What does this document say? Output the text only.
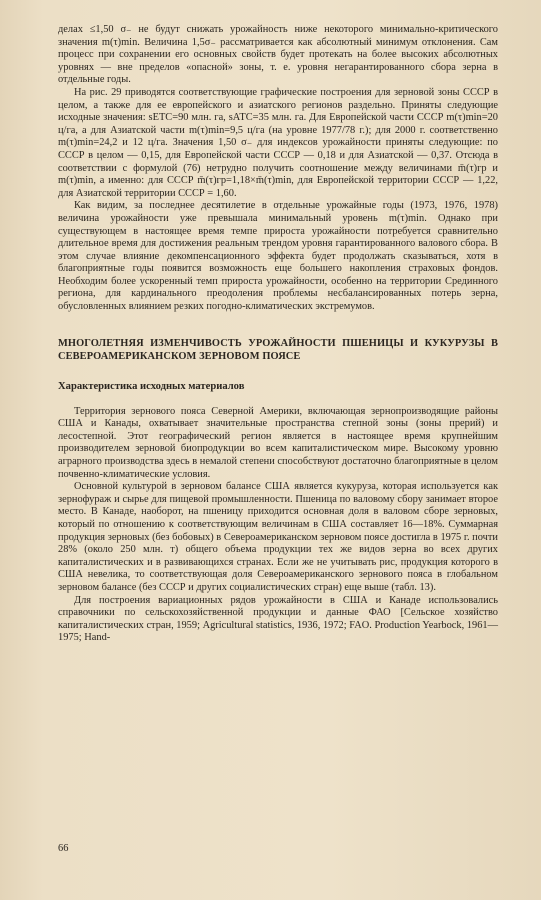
делах ≤1,50 σ₋ не будут снижать урожайность ниже некоторого минимально-критического значения m(τ)min. Величина 1,5σ₋ рассматривается как абсолютный минимум отклонения. Сам процесс при сохранении его основных свойств будет протекать на более высоких абсолютных уровнях — вне пределов «опасной» зоны, т. е. уровня негарантированного сбора зерна в отдельные годы.

На рис. 29 приводятся соответствующие графические построения для зерновой зоны СССР в целом, а также для ее европейского и азиатского регионов раздельно. Приняты следующие исходные значения: sЕТС=90 млн. га, sАТС=35 млн. га. Для Европейской части СССР m(τ)min=20 ц/га, а для Азиатской части m(τ)min=9,5 ц/га (на уровне 1977/78 г.); для 2000 г. соответственно m(τ)min=24,2 и 12 ц/га. Значения 1,50 σ₋ для индексов урожайности приняты следующие: по СССР в целом — 0,15, для Европейской части СССР — 0,18 и для Азиатской — 0,37. Отсюда в соответствии с формулой (76) нетрудно получить соотношение между величинами m̄(τ)гр и m(τ)min, а именно: для СССР m̄(τ)гр=1,18×m̄(τ)min, для Европейской территории СССР — 1,22, для Азиатской территории СССР = 1,60.

Как видим, за последнее десятилетие в отдельные урожайные годы (1973, 1976, 1978) величина урожайности уже превышала минимальный уровень m(τ)min. Однако при существующем в настоящее время темпе прироста урожайности потребуется сравнительно длительное время для достижения реальным трендом уровня гарантированного валового сбора. В этом случае влияние декомпенсационного эффекта будет продолжать сказываться, хотя в благоприятные годы появится возможность еще большего накопления страховых фондов. Необходим более ускоренный темп прироста урожайности, особенно на территории Срединного региона, для кардинального преодоления проблемы несбалансированных потерь зерна, обусловленных влиянием резких погодно-климатических экстремумов.

МНОГОЛЕТНЯЯ ИЗМЕНЧИВОСТЬ УРОЖАЙНОСТИ ПШЕНИЦЫ И КУКУРУЗЫ В СЕВЕРОАМЕРИКАНСКОМ ЗЕРНОВОМ ПОЯСЕ

Характеристика исходных материалов

Территория зернового пояса Северной Америки, включающая зернопроизводящие районы США и Канады, охватывает значительные пространства степной зоны (зоны прерий) и лесостепной. Этот географический регион является в настоящее время крупнейшим производителем зерновой биопродукции во всем капиталистическом мире. Высокому уровню аграрного производства здесь в немалой степени способствуют достаточно благоприятные в целом почвенно-климатические условия.

Основной культурой в зерновом балансе США является кукуруза, которая используется как зернофураж и сырье для пищевой промышленности. Пшеница по валовому сбору занимает второе место. В Канаде, наоборот, на пшеницу приходится основная доля в валовом сборе зерновых, который по отношению к соответствующим величинам в США составляет 16—18%. Суммарная продукция зерновых (без бобовых) в Североамериканском зерновом поясе достигла в 1975 г. почти 28% (около 250 млн. т) общего объема продукции тех же видов зерна во всех других капиталистических и в развивающихся странах. Если же не учитывать рис, продукция которого в США невелика, то соответствующая доля Североамериканского зернового пояса в глобальном зерновом балансе (без СССР и других социалистических стран) еще выше (табл. 13).

Для построения вариационных рядов урожайности в США и Канаде использовались справочники по сельскохозяйственной продукции и данные ФАО [Сельское хозяйство капиталистических стран, 1959; Agricultural statistics, 1936, 1972; FAO. Production Yearbock, 1961—1975; Hand-

66
